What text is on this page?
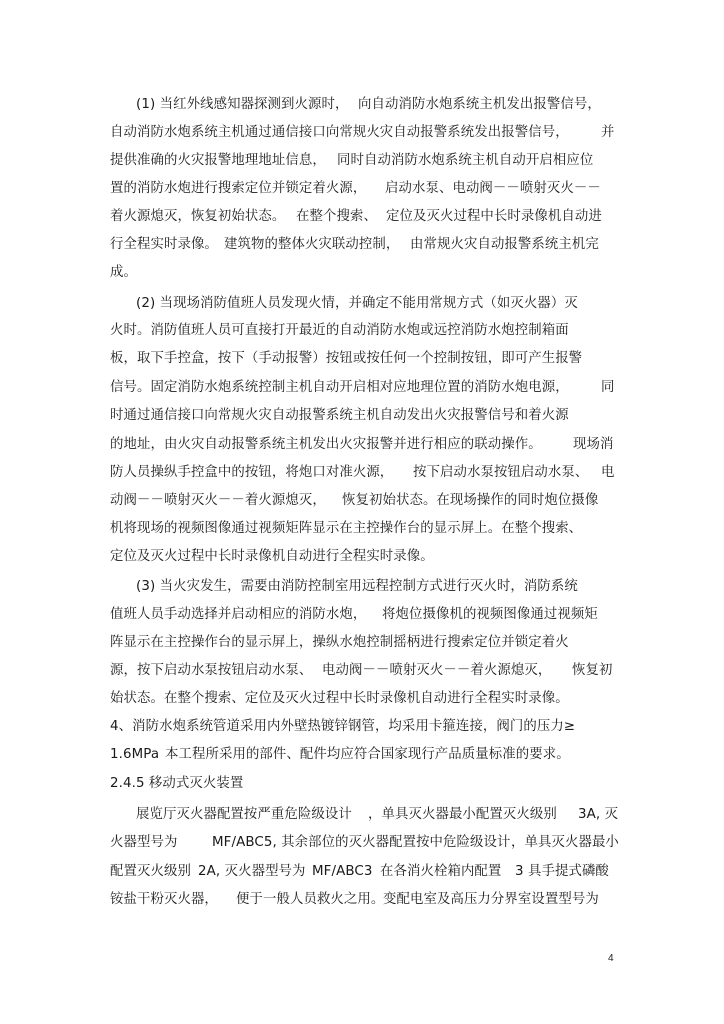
(1) 当红外线感知器探测到火源时， 向自动消防水炮系统主机发出报警信号，
自动消防水炮系统主机通过通信接口向常规火灾自动报警系统发出报警信号， 并
提供准确的火灾报警地理地址信息， 同时自动消防水炮系统主机自动开启相应位
置的消防水炮进行搜索定位并锁定着火源， 启动水泵、电动阀－－喷射灭火－－
着火源熄灭，恢复初始状态。 在整个搜索、 定位及灭火过程中长时录像机自动进
行全程实时录像。 建筑物的整体火灾联动控制， 由常规火灾自动报警系统主机完
成。
(2) 当现场消防值班人员发现火情，并确定不能用常规方式（如灭火器）灭
火时。消防值班人员可直接打开最近的自动消防水炮或远控消防水炮控制箱面
板，取下手控盒，按下（手动报警）按钮或按任何一个控制按钮，即可产生报警
信号。固定消防水炮系统控制主机自动开启相对应地理位置的消防水炮电源， 同
时通过通信接口向常规火灾自动报警系统主机自动发出火灾报警信号和着火源
的地址，由火灾自动报警系统主机发出火灾报警并进行相应的联动操作。 现场消
防人员操纵手控盒中的按钮，将炮口对准火源， 按下启动水泵按钮启动水泵、 电
动阀－－喷射灭火－－着火源熄灭， 恢复初始状态。在现场操作的同时炮位摄像
机将现场的视频图像通过视频矩阵显示在主控操作台的显示屏上。在整个搜索、
定位及灭火过程中长时录像机自动进行全程实时录像。
(3) 当火灾发生，需要由消防控制室用远程控制方式进行灭火时，消防系统
值班人员手动选择并启动相应的消防水炮， 将炮位摄像机的视频图像通过视频矩
阵显示在主控操作台的显示屏上，操纵水炮控制摇柄进行搜索定位并锁定着火
源，按下启动水泵按钮启动水泵、 电动阀－－喷射灭火－－着火源熄灭， 恢复初
始状态。在整个搜索、定位及灭火过程中长时录像机自动进行全程实时录像。
4、消防水炮系统管道采用内外壁热镀锌钢管，均采用卡箍连接，阀门的压力≥
1.6MPa 本工程所采用的部件、配件均应符合国家现行产品质量标准的要求。
2.4.5 移动式灭火装置
展览厅灭火器配置按严重危险级设计 ，单具灭火器最小配置灭火级别 3A, 灭
火器型号为	MF/ABC5, 其余部位的灭火器配置按中危险级设计 ，单具灭火器最小
配置灭火级别 2A, 灭火器型号为 MF/ABC3 在各消火栓箱内配置 3 具手提式磷酸
铵盐干粉灭火器， 便于一般人员救火之用。
变配电室及高压力分界室设置型号为
4
